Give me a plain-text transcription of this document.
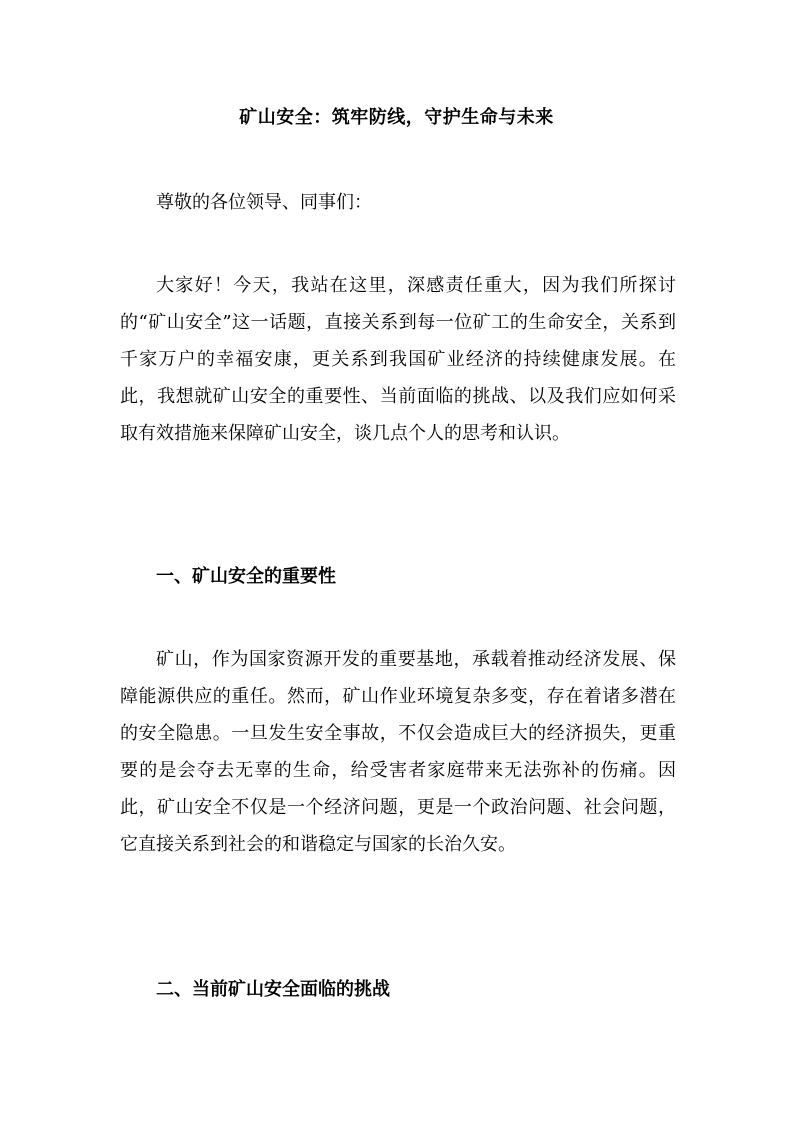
矿山安全：筑牢防线，守护生命与未来

尊敬的各位领导、同事们：

大家好！今天，我站在这里，深感责任重大，因为我们所探讨的“矿山安全”这一话题，直接关系到每一位矿工的生命安全，关系到千家万户的幸福安康，更关系到我国矿业经济的持续健康发展。在此，我想就矿山安全的重要性、当前面临的挑战、以及我们应如何采取有效措施来保障矿山安全，谈几点个人的思考和认识。

一、矿山安全的重要性

矿山，作为国家资源开发的重要基地，承载着推动经济发展、保障能源供应的重任。然而，矿山作业环境复杂多变，存在着诸多潜在的安全隐患。一旦发生安全事故，不仅会造成巨大的经济损失，更重要的是会夺去无辜的生命，给受害者家庭带来无法弥补的伤痛。因此，矿山安全不仅是一个经济问题，更是一个政治问题、社会问题，它直接关系到社会的和谐稳定与国家的长治久安。

二、当前矿山安全面临的挑战
